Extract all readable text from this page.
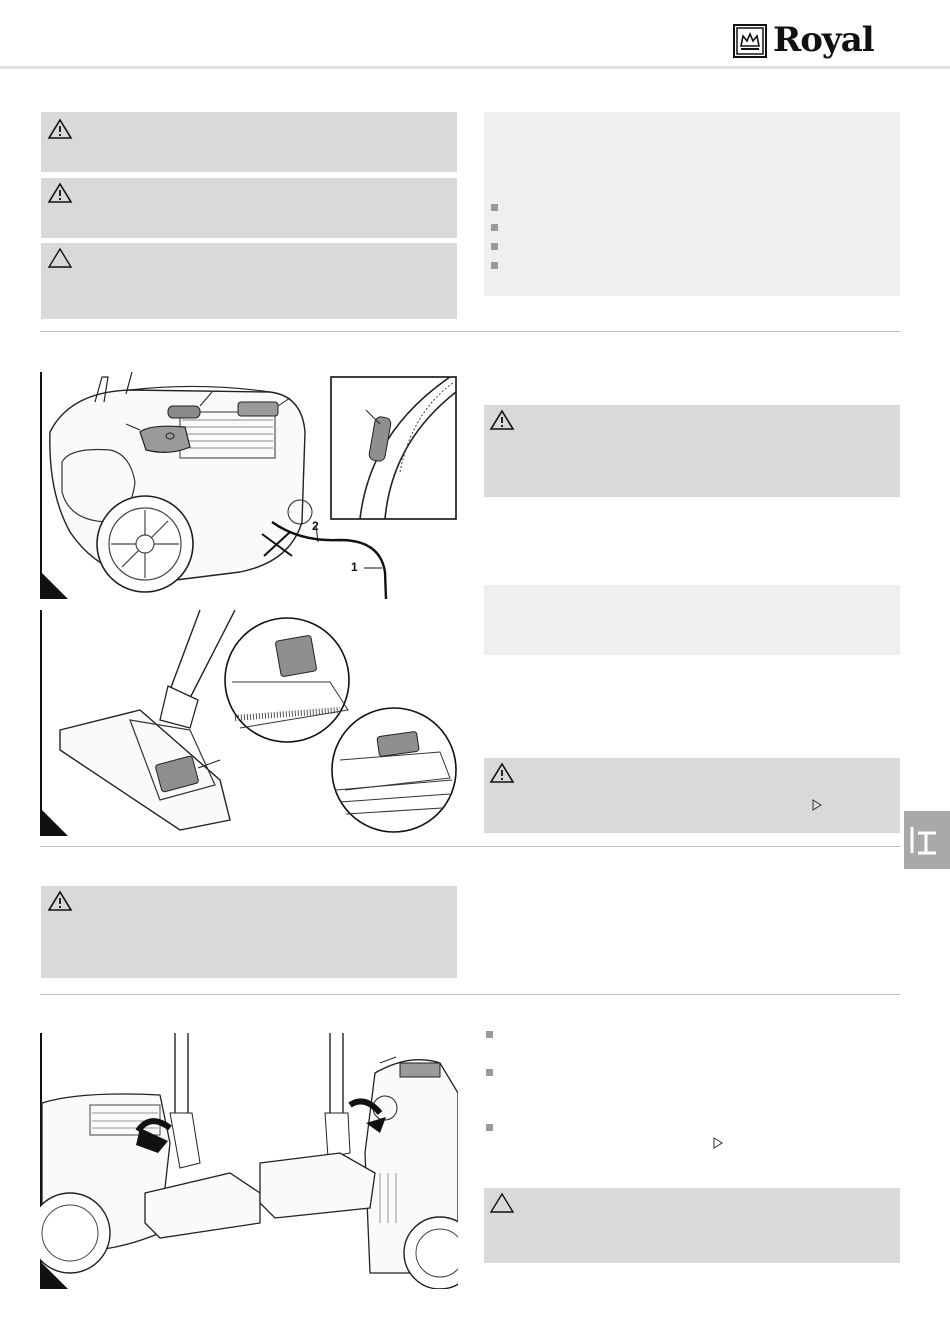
Royal
2
1
